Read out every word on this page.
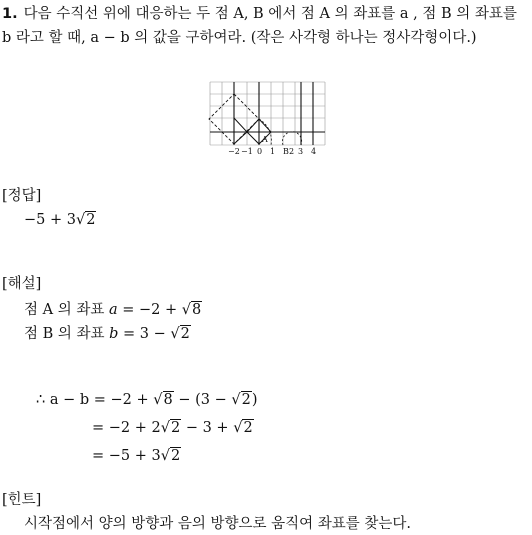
1. 다음 수직선 위에 대응하는 두 점 A, B 에서 점 A 의 좌표를 a , 점 B 의 좌표를 b 라고 할 때, a − b 의 값을 구하여라. (작은 사각형 하나는 정사각형이다.)
A
B
−2 −1 0 1 2 3 4
[정답]
−5 + 3√2
[해설]
점 A 의 좌표 a = −2 + √8
점 B 의 좌표 b = 3 − √2
∴ a − b = −2 + √8 − (3 − √2)
= −2 + 2√2 − 3 + √2
= −5 + 3√2
[힌트]
시작점에서 양의 방향과 음의 방향으로 움직여 좌표를 찾는다.
